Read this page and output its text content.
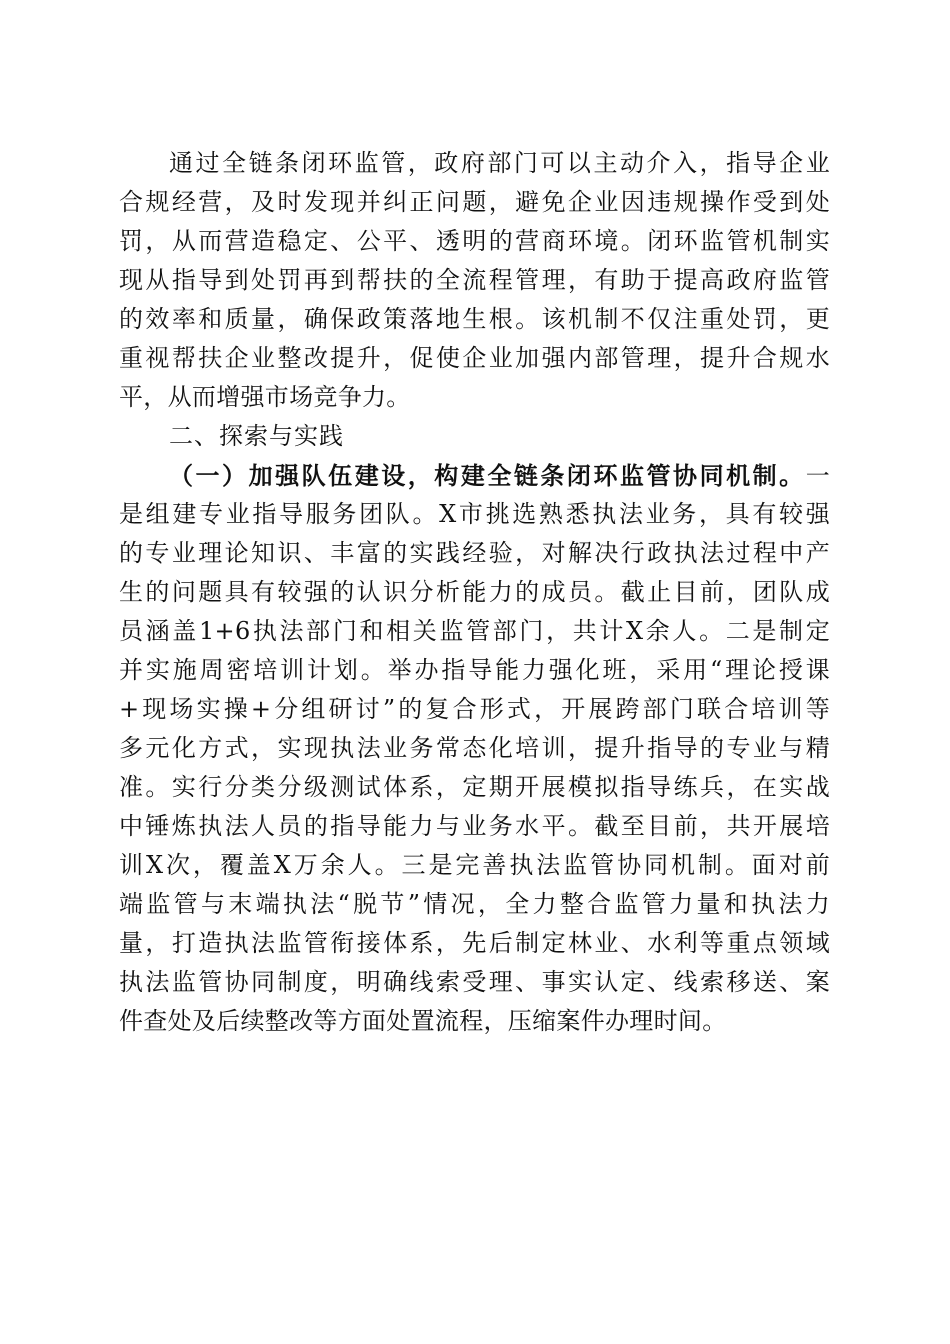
通过全链条闭环监管，政府部门可以主动介入，指导企业
合规经营，及时发现并纠正问题，避免企业因违规操作受到处
罚，从而营造稳定、公平、透明的营商环境。闭环监管机制实
现从指导到处罚再到帮扶的全流程管理，有助于提高政府监管
的效率和质量，确保政策落地生根。该机制不仅注重处罚，更
重视帮扶企业整改提升，促使企业加强内部管理，提升合规水
平，从而增强市场竞争力。
二、探索与实践
（一）加强队伍建设，构建全链条闭环监管协同机制。一
是组建专业指导服务团队。X市挑选熟悉执法业务，具有较强
的专业理论知识、丰富的实践经验，对解决行政执法过程中产
生的问题具有较强的认识分析能力的成员。截止目前，团队成
员涵盖1+6执法部门和相关监管部门，共计X余人。二是制定
并实施周密培训计划。举办指导能力强化班，采用“理论授课
+现场实操+分组研讨”的复合形式，开展跨部门联合培训等
多元化方式，实现执法业务常态化培训，提升指导的专业与精
准。实行分类分级测试体系，定期开展模拟指导练兵，在实战
中锤炼执法人员的指导能力与业务水平。截至目前，共开展培
训X次，覆盖X万余人。三是完善执法监管协同机制。面对前
端监管与末端执法“脱节”情况，全力整合监管力量和执法力
量，打造执法监管衔接体系，先后制定林业、水利等重点领域
执法监管协同制度，明确线索受理、事实认定、线索移送、案
件查处及后续整改等方面处置流程，压缩案件办理时间。
